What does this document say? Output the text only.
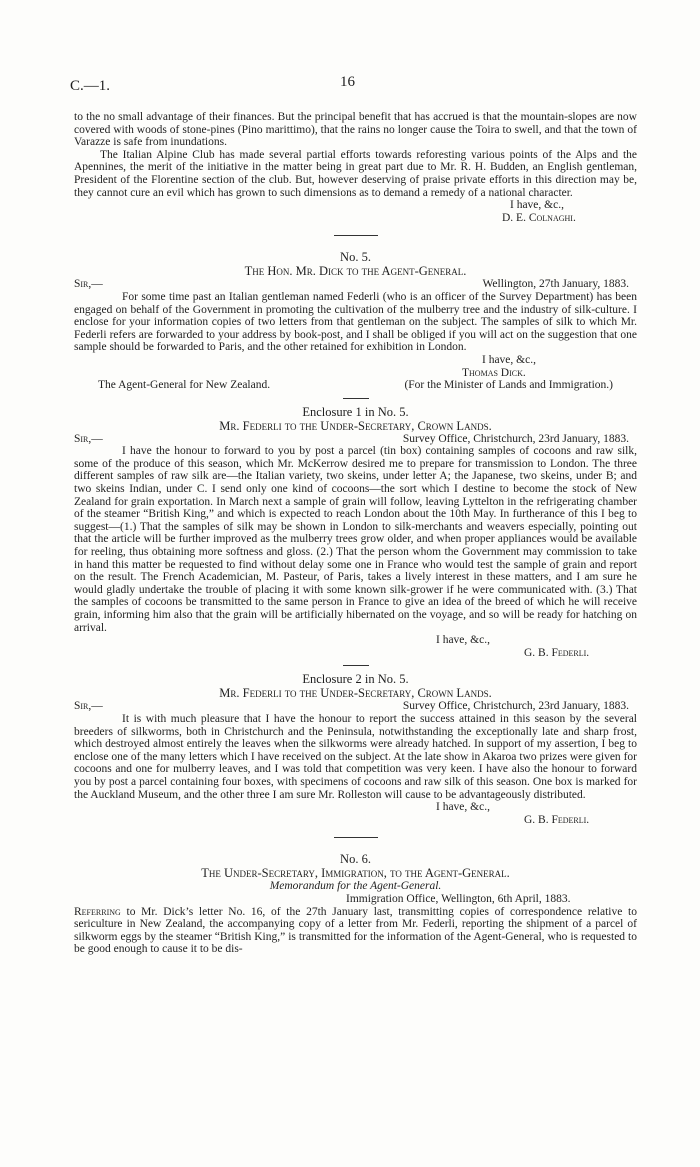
C.—1.	16

to the no small advantage of their finances. But the principal benefit that has accrued is that the mountain-slopes are now covered with woods of stone-pines (Pino marittimo), that the rains no longer cause the Toira to swell, and that the town of Varazze is safe from inundations.

The Italian Alpine Club has made several partial efforts towards reforesting various points of the Alps and the Apennines, the merit of the initiative in the matter being in great part due to Mr. R. H. Budden, an English gentleman, President of the Florentine section of the club. But, however deserving of praise private efforts in this direction may be, they cannot cure an evil which has grown to such dimensions as to demand a remedy of a national character.

I have, &c.,
D. E. Colnaghi.
No. 5.
The Hon. Mr. Dick to the Agent-General.
Sir,—	Wellington, 27th January, 1883.

For some time past an Italian gentleman named Federli (who is an officer of the Survey Department) has been engaged on behalf of the Government in promoting the cultivation of the mulberry tree and the industry of silk-culture. I enclose for your information copies of two letters from that gentleman on the subject. The samples of silk to which Mr. Federli refers are forwarded to your address by book-post, and I shall be obliged if you will act on the suggestion that one sample should be forwarded to Paris, and the other retained for exhibition in London.

I have, &c.,
Thomas Dick.
The Agent-General for New Zealand.	(For the Minister of Lands and Immigration.)
Enclosure 1 in No. 5.
Mr. Federli to the Under-Secretary, Crown Lands.
Sir,—	Survey Office, Christchurch, 23rd January, 1883.

I have the honour to forward to you by post a parcel (tin box) containing samples of cocoons and raw silk, some of the produce of this season, which Mr. McKerrow desired me to prepare for transmission to London. The three different samples of raw silk are—the Italian variety, two skeins, under letter A; the Japanese, two skeins, under B; and two skeins Indian, under C. I send only one kind of cocoons—the sort which I destine to become the stock of New Zealand for grain exportation. In March next a sample of grain will follow, leaving Lyttelton in the refrigerating chamber of the steamer “British King,” and which is expected to reach London about the 10th May. In furtherance of this I beg to suggest—(1.) That the samples of silk may be shown in London to silk-merchants and weavers especially, pointing out that the article will be further improved as the mulberry trees grow older, and when proper appliances would be available for reeling, thus obtaining more softness and gloss. (2.) That the person whom the Government may commission to take in hand this matter be requested to find without delay some one in France who would test the sample of grain and report on the result. The French Academician, M. Pasteur, of Paris, takes a lively interest in these matters, and I am sure he would gladly undertake the trouble of placing it with some known silk-grower if he were communicated with. (3.) That the samples of cocoons be transmitted to the same person in France to give an idea of the breed of which he will receive grain, informing him also that the grain will be artificially hibernated on the voyage, and so will be ready for hatching on arrival.

I have, &c.,
G. B. Federli.
Enclosure 2 in No. 5.
Mr. Federli to the Under-Secretary, Crown Lands.
Sir,—	Survey Office, Christchurch, 23rd January, 1883.

It is with much pleasure that I have the honour to report the success attained in this season by the several breeders of silkworms, both in Christchurch and the Peninsula, notwithstanding the exceptionally late and sharp frost, which destroyed almost entirely the leaves when the silkworms were already hatched. In support of my assertion, I beg to enclose one of the many letters which I have received on the subject. At the late show in Akaroa two prizes were given for cocoons and one for mulberry leaves, and I was told that competition was very keen. I have also the honour to forward you by post a parcel containing four boxes, with specimens of cocoons and raw silk of this season. One box is marked for the Auckland Museum, and the other three I am sure Mr. Rolleston will cause to be advantageously distributed.

I have, &c.,
G. B. Federli.
No. 6.
The Under-Secretary, Immigration, to the Agent-General.
Memorandum for the Agent-General.
Immigration Office, Wellington, 6th April, 1883.

Referring to Mr. Dick’s letter No. 16, of the 27th January last, transmitting copies of correspondence relative to sericulture in New Zealand, the accompanying copy of a letter from Mr. Federli, reporting the shipment of a parcel of silkworm eggs by the steamer “British King,” is transmitted for the information of the Agent-General, who is requested to be good enough to cause it to be dis-
